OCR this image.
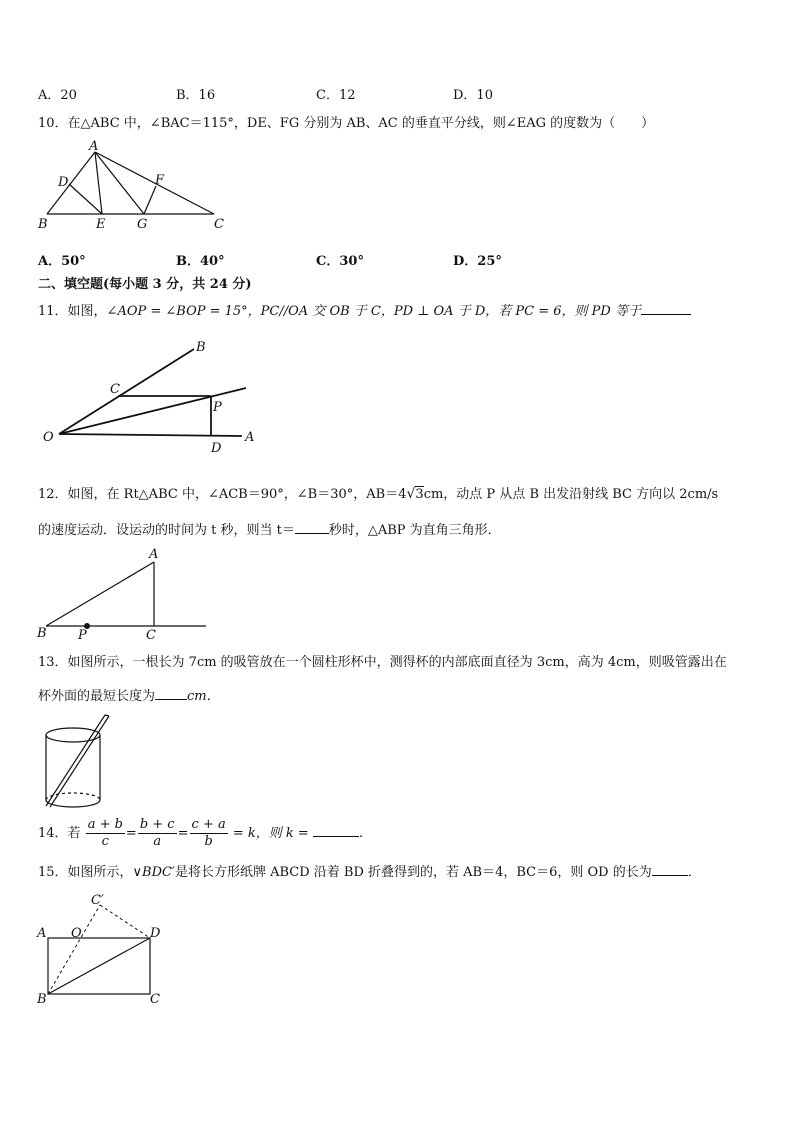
A．20	B．16	C．12	D．10
10．在△ABC 中，∠BAC＝115°，DE、FG 分别为 AB、AC 的垂直平分线，则∠EAG 的度数为（　　）
A
D	F
B	E G	C
A．50°	B．40°	C．30°	D．25°
二、填空题(每小题 3 分，共 24 分)
11．如图，∠AOP = ∠BOP = 15°，PC//OA 交 OB 于 C，PD ⊥ OA 于 D，若 PC = 6，则 PD 等于
B
C
P
O
D
A
12．如图，在 Rt△ABC 中，∠ACB＝90°，∠B＝30°，AB＝4√3cm，动点 P 从点 B 出发沿射线 BC 方向以 2cm/s
的速度运动．设运动的时间为 t 秒，则当 t＝	秒时，△ABP 为直角三角形．
A
B P	C
13．如图所示，一根长为 7cm 的吸管放在一个圆柱形杯中，测得杯的内部底面直径为 3cm，高为 4cm，则吸管露出在
杯外面的最短长度为 cm．
14．若 $\frac{a + b}{c} = \frac{b + c}{a} = \frac{c + a}{b} = k$，则 k =	.
15．如图所示，∨BDC′是将长方形纸牌 ABCD 沿着 BD 折叠得到的，若 AB＝4，BC＝6，则 OD 的长为	．
C′
A O	D
B	C
